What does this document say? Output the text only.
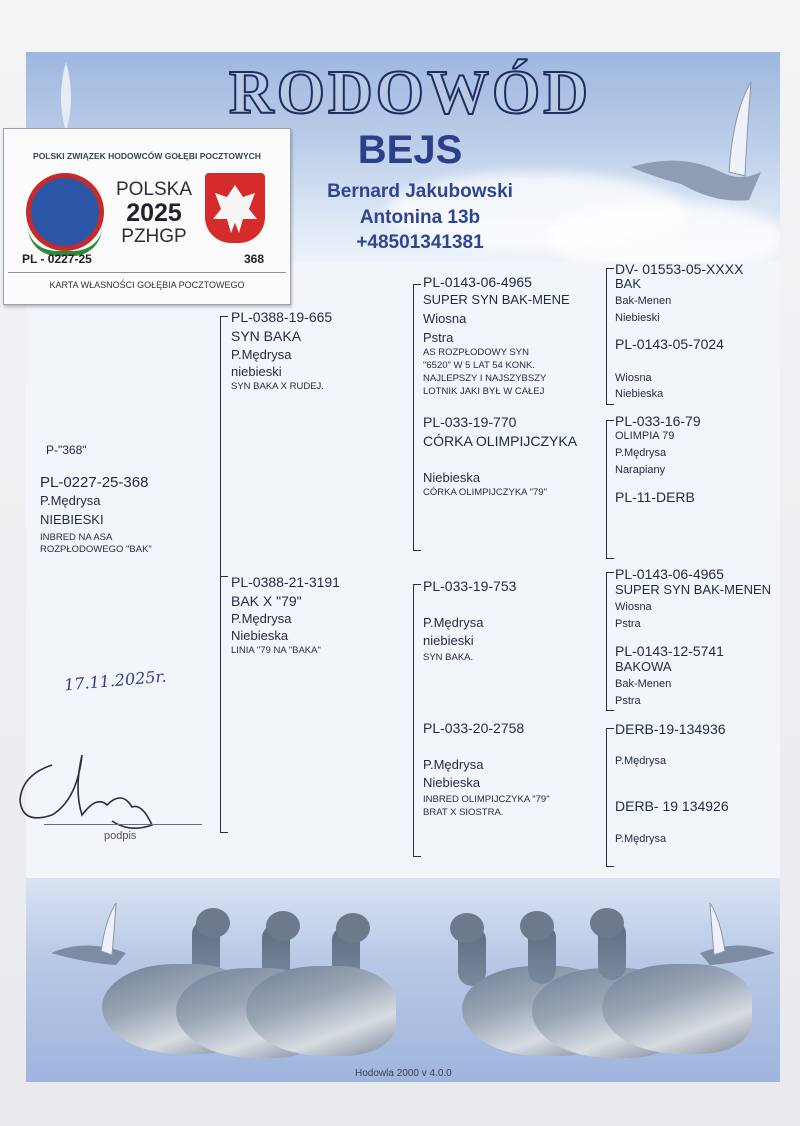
RODOWÓD
BEJS
Bernard Jakubowski
Antonina 13b
+48501341381
POLSKI ZWIĄZEK HODOWCÓW GOŁĘBI POCZTOWYCH
POLSKA
2025
PZHGP
PL - 0227-25	368
KARTA WŁASNOŚCI GOŁĘBIA POCZTOWEGO
P-"368"
PL-0227-25-368
P.Mędrysa
NIEBIESKI
INBRED NA ASA
ROZPŁODOWEGO "BAK"
17.11.2025r.
podpis
PL-0388-19-665
SYN BAKA
P.Mędrysa
niebieski
SYN BAKA X RUDEJ.
PL-0388-21-3191
BAK X "79"
P.Mędrysa
Niebieska
LINIA "79 NA "BAKA"
PL-0143-06-4965
SUPER SYN BAK-MENE
Wiosna
Pstra
AS ROZPŁODOWY SYN
"6520" W 5 LAT 54 KONK.
NAJLEPSZY I NAJSZYBSZY
LOTNIK JAKI BYŁ W CAŁEJ
PL-033-19-770
CÓRKA OLIMPIJCZYKA
Niebieska
CÓRKA OLIMPIJCZYKA "79"
PL-033-19-753
P.Mędrysa
niebieski
SYN BAKA.
PL-033-20-2758
P.Mędrysa
Niebieska
INBRED OLIMPIJCZYKA "79"
BRAT X SIOSTRA.
DV- 01553-05-XXXX
BAK
Bak-Menen
Niebieski
PL-0143-05-7024
Wiosna
Niebieska
PL-033-16-79
OLIMPIA 79
P.Mędrysa
Narapiany
PL-11-DERB
PL-0143-06-4965
SUPER SYN BAK-MENEN
Wiosna
Pstra
PL-0143-12-5741
BAKOWA
Bak-Menen
Pstra
DERB-19-134936
P.Mędrysa
DERB- 19 134926
P.Mędrysa
Hodowla 2000 v 4.0.0
